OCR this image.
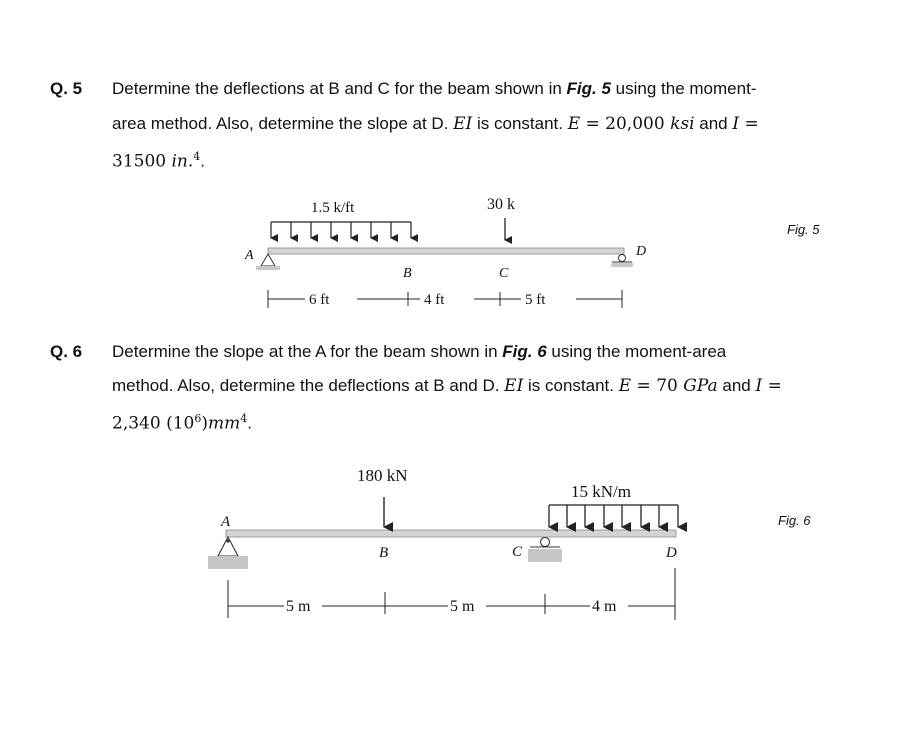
Q. 5 Determine the deflections at B and C for the beam shown in Fig. 5 using the moment-
area method. Also, determine the slope at D. EI is constant. E = 20,000 ksi and I =
31500 in.$^4$.
1.5 k/ft	30 k
A
B	C
D
6 ft	4 ft	5 ft
Fig. 5
Q. 6 Determine the slope at the A for the beam shown in Fig. 6 using the moment-area
method. Also, determine the deflections at B and D. EI is constant. E = 70 GPa and I =
2,340 $(10^6)mm^4$.
180 kN
15 kN/m
A
B	C	D
5 m	5 m	4 m
Fig. 6
